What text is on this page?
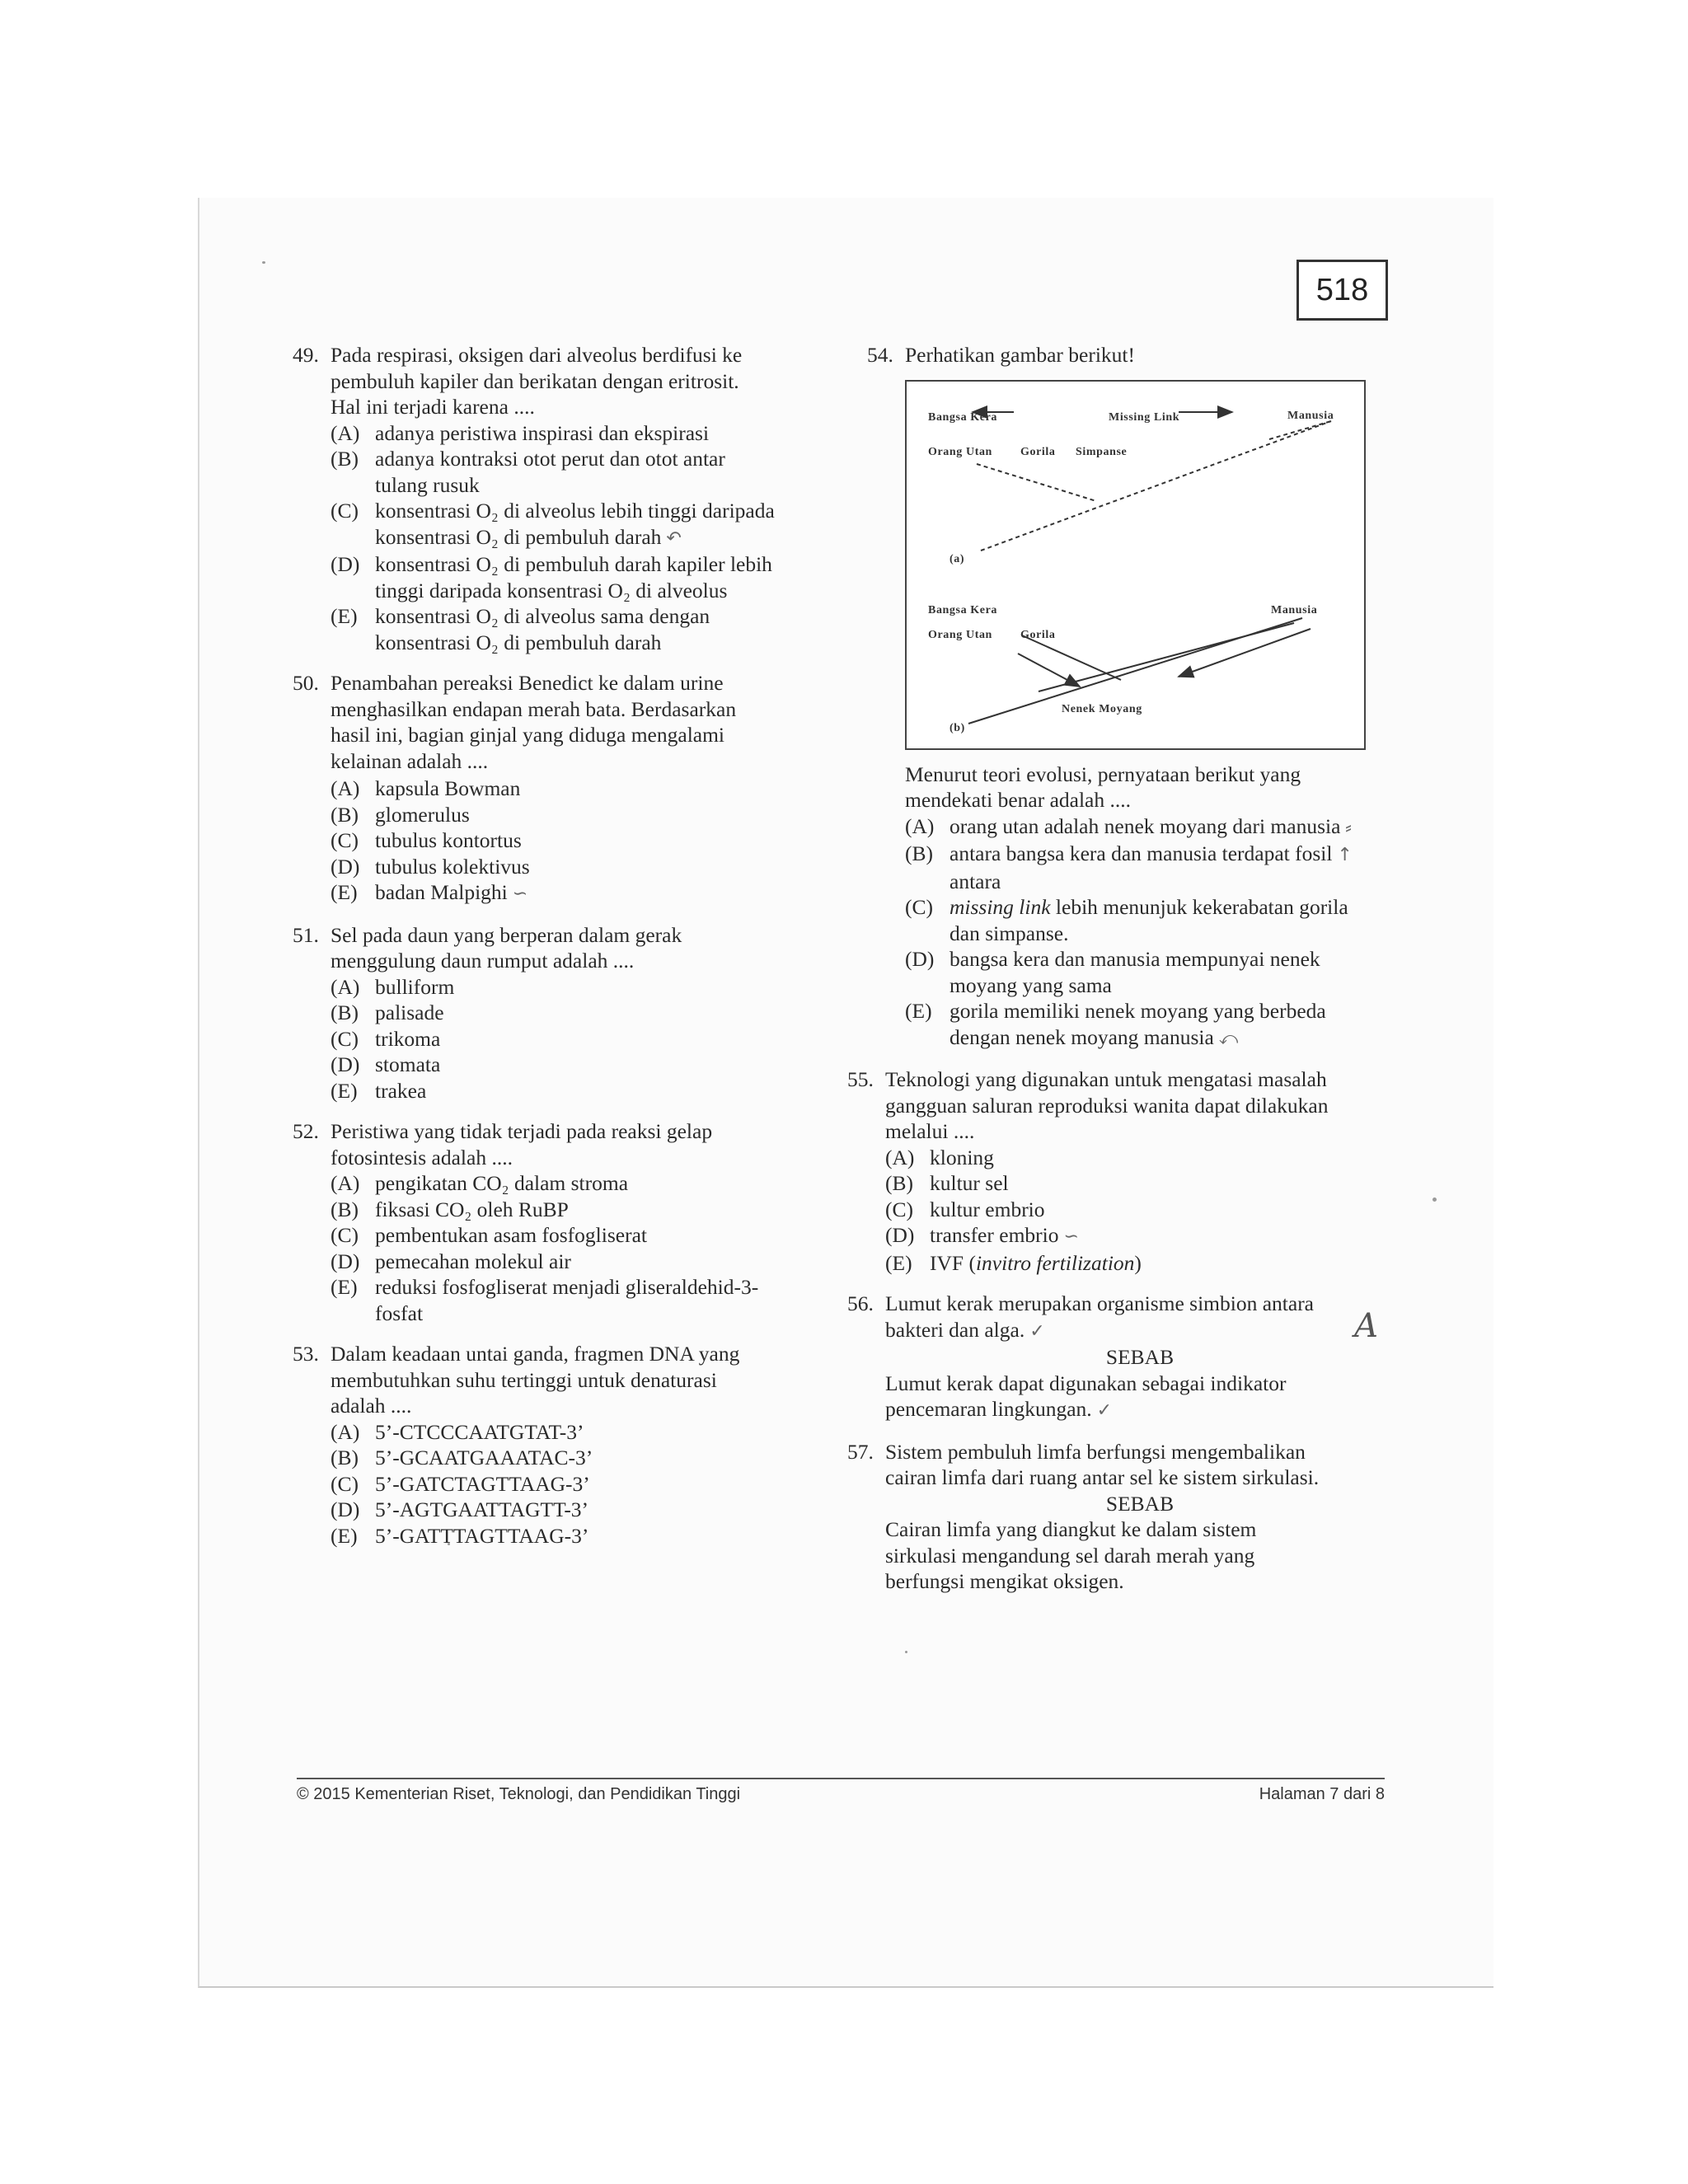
518
49. Pada respirasi, oksigen dari alveolus berdifusi ke
pembuluh kapiler dan berikatan dengan eritrosit.
Hal ini terjadi karena ....
(A) adanya peristiwa inspirasi dan ekspirasi
(B) adanya kontraksi otot perut dan otot antar
tulang rusuk
(C) konsentrasi O₂ di alveolus lebih tinggi daripada
konsentrasi O₂ di pembuluh darah ↶
(D) konsentrasi O₂ di pembuluh darah kapiler lebih
tinggi daripada konsentrasi O₂ di alveolus
(E) konsentrasi O₂ di alveolus sama dengan
konsentrasi O₂ di pembuluh darah
50. Penambahan pereaksi Benedict ke dalam urine
menghasilkan endapan merah bata. Berdasarkan
hasil ini, bagian ginjal yang diduga mengalami
kelainan adalah ....
(A) kapsula Bowman
(B) glomerulus
(C) tubulus kontortus
(D) tubulus kolektivus
(E) badan Malpighi ∽
51. Sel pada daun yang berperan dalam gerak
menggulung daun rumput adalah ....
(A) bulliform
(B) palisade
(C) trikoma
(D) stomata
(E) trakea
52. Peristiwa yang tidak terjadi pada reaksi gelap
fotosintesis adalah ....
(A) pengikatan CO₂ dalam stroma
(B) fiksasi CO₂ oleh RuBP
(C) pembentukan asam fosfogliserat
(D) pemecahan molekul air
(E) reduksi fosfogliserat menjadi gliseraldehid-3-
fosfat
53. Dalam keadaan untai ganda, fragmen DNA yang
membutuhkan suhu tertinggi untuk denaturasi
adalah ....
(A) 5’-CTCCCAATGTAT-3’
(B) 5’-GCAATGAAATAC-3’
(C) 5’-GATCTAGTTAAG-3’
(D) 5’-AGTGAATTAGTT-3’
(E) 5’-GATTTAGTTAAG-3’
54. Perhatikan gambar berikut!
Bangsa Kera	Missing Link	Manusia
Orang Utan Gorila Simpanse
(a)
Bangsa Kera
Orang Utan Gorila
Manusia
Nenek Moyang
(b)
Menurut teori evolusi, pernyataan berikut yang
mendekati benar adalah ....
(A) orang utan adalah nenek moyang dari manusia ⸗
(B) antara bangsa kera dan manusia terdapat fosil ↑
antara
(C) missing link lebih menunjuk kekerabatan gorila
dan simpanse.
(D) bangsa kera dan manusia mempunyai nenek
moyang yang sama
(E) gorila memiliki nenek moyang yang berbeda
dengan nenek moyang manusia ⤺
55. Teknologi yang digunakan untuk mengatasi masalah
gangguan saluran reproduksi wanita dapat dilakukan
melalui ....
(A) kloning
(B) kultur sel
(C) kultur embrio
(D) transfer embrio ∽
(E) IVF (invitro fertilization)
56. Lumut kerak merupakan organisme simbion antara
bakteri dan alga. ✓
SEBAB
Lumut kerak dapat digunakan sebagai indikator
pencemaran lingkungan. ✓
A
57. Sistem pembuluh limfa berfungsi mengembalikan
cairan limfa dari ruang antar sel ke sistem sirkulasi.
SEBAB
Cairan limfa yang diangkut ke dalam sistem
sirkulasi mengandung sel darah merah yang
berfungsi mengikat oksigen.
© 2015 Kementerian Riset, Teknologi, dan Pendidikan Tinggi	Halaman 7 dari 8
